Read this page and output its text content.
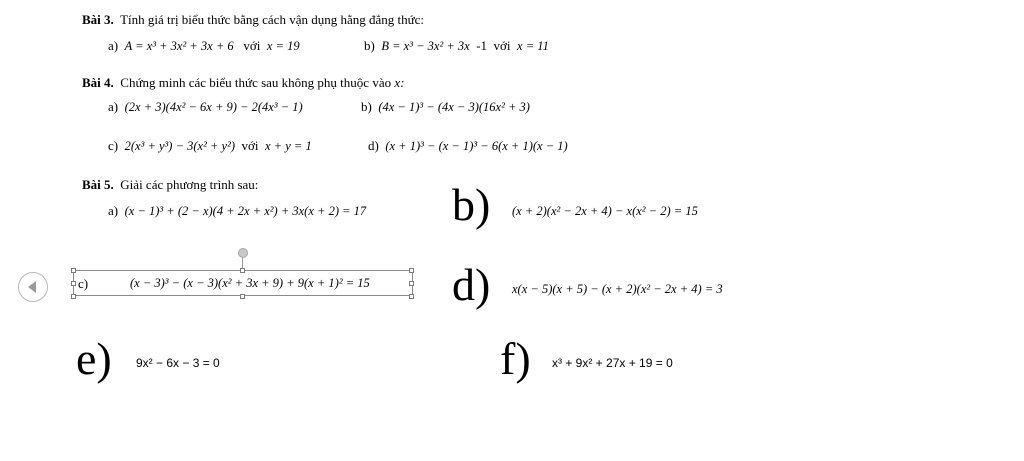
Bài 3. Tính giá trị biểu thức bằng cách vận dụng hằng đẳng thức:
a) A = x³ + 3x² + 3x + 6 với x = 19	b) B = x³ − 3x² + 3x -1 với x = 11
Bài 4. Chứng minh các biểu thức sau không phụ thuộc vào x:
a) (2x + 3)(4x² − 6x + 9) − 2(4x³ − 1)	b) (4x − 1)³ − (4x − 3)(16x² + 3)
c) 2(x³ + y³) − 3(x² + y²) với x + y = 1	d) (x + 1)³ − (x − 1)³ − 6(x + 1)(x − 1)
Bài 5. Giải các phương trình sau:
a) (x − 1)³ + (2 − x)(4 + 2x + x²) + 3x(x + 2) = 17 b) (x + 2)(x² − 2x + 4) − x(x² − 2) = 15
c)	(x − 3)³ − (x − 3)(x² + 3x + 9) + 9(x + 1)² = 15 d) x(x − 5)(x + 5) − (x + 2)(x² − 2x + 4) = 3
e) 9x² − 6x − 3 = 0	f) x³ + 9x² + 27x + 19 = 0
